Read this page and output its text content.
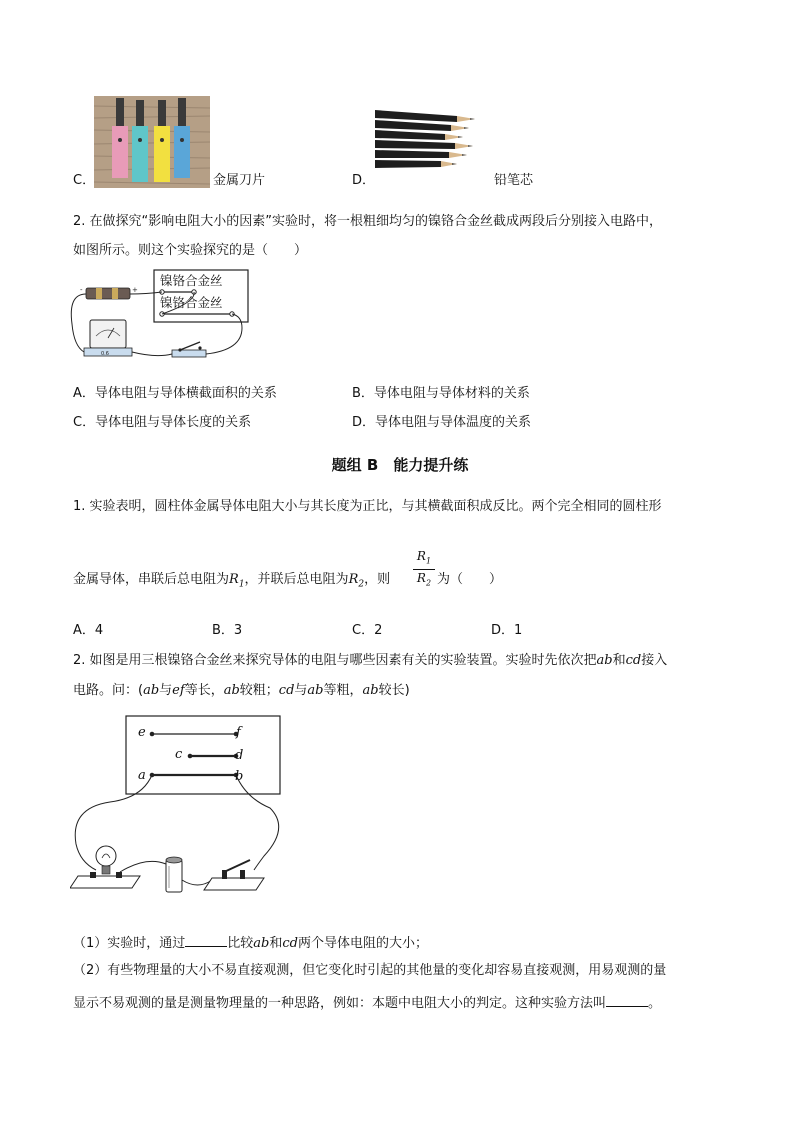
C．	金属刀片	D．	铅笔芯
2. 在做探究“影响电阻大小的因素”实验时，将一根粗细均匀的镍铬合金丝截成两段后分别接入电路中，
如图所示。则这个实验探究的是（　　）
-	+
0.6
镍铬合金丝
镍铬合金丝
A．导体电阻与导体横截面积的关系	B．导体电阻与导体材料的关系
C．导体电阻与导体长度的关系	D．导体电阻与导体温度的关系
题组 B　能力提升练
1. 实验表明，圆柱体金属导体电阻大小与其长度为正比，与其横截面积成反比。两个完全相同的圆柱形
金属导体，串联后总电阻为$R_1$，并联后总电阻为$R_2$，则
$R_1$
$R_2$ 为（　　）
A．4	B．3	C．2	D．1
2. 如图是用三根镍铬合金丝来探究导体的电阻与哪些因素有关的实验装置。实验时先依次把ab和cd接入
电路。问：(ab与ef等长，ab较粗；cd与ab等粗，ab较长)
e	f
c	d
a	b
（1）实验时，通过	比较ab和cd两个导体电阻的大小；
（2）有些物理量的大小不易直接观测，但它变化时引起的其他量的变化却容易直接观测，用易观测的量
显示不易观测的量是测量物理量的一种思路，例如：本题中电阻大小的判定。这种实验方法叫	。
